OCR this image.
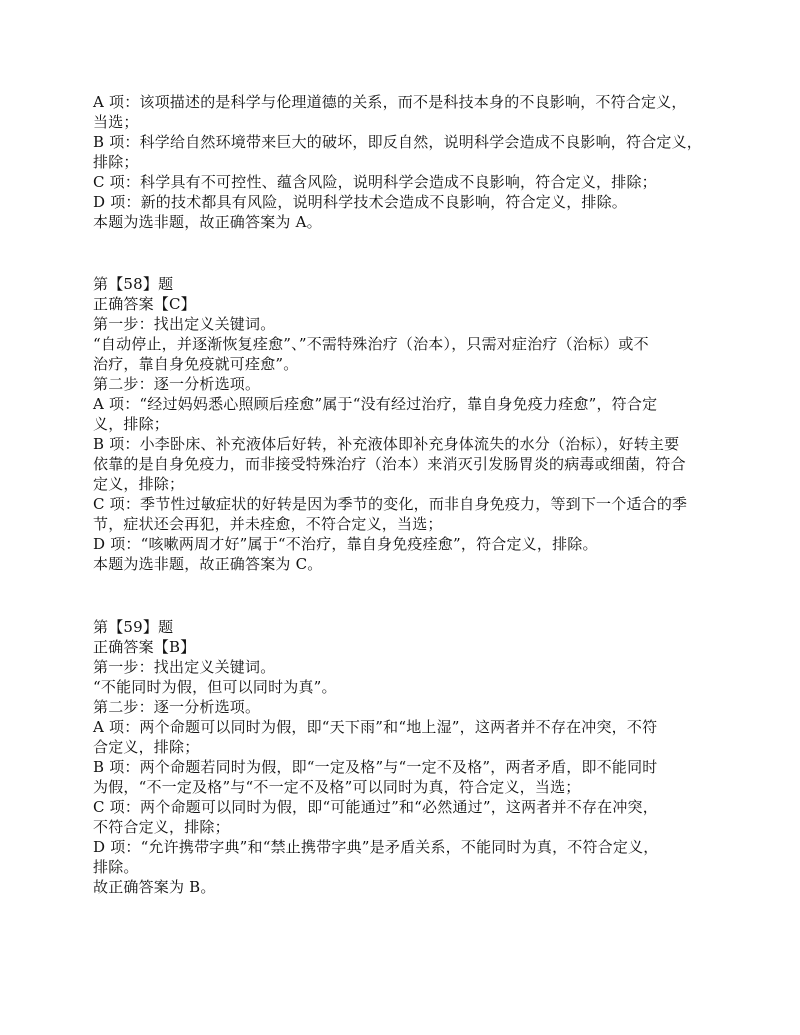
A 项：该项描述的是科学与伦理道德的关系，而不是科技本身的不良影响，不符合定义，
当选；
B 项：科学给自然环境带来巨大的破坏，即反自然，说明科学会造成不良影响，符合定义，
排除；
C 项：科学具有不可控性、蕴含风险，说明科学会造成不良影响，符合定义，排除；
D 项：新的技术都具有风险，说明科学技术会造成不良影响，符合定义，排除。
本题为选非题，故正确答案为 A。
第【58】题
正确答案【C】
第一步：找出定义关键词。
“自动停止，并逐渐恢复痊愈”、”不需特殊治疗（治本），只需对症治疗（治标）或不
治疗，靠自身免疫就可痊愈”。
第二步：逐一分析选项。
A 项：“经过妈妈悉心照顾后痊愈”属于“没有经过治疗，靠自身免疫力痊愈”，符合定
义，排除；
B 项：小李卧床、补充液体后好转，补充液体即补充身体流失的水分（治标），好转主要
依靠的是自身免疫力，而非接受特殊治疗（治本）来消灭引发肠胃炎的病毒或细菌，符合
定义，排除；
C 项：季节性过敏症状的好转是因为季节的变化，而非自身免疫力，等到下一个适合的季
节，症状还会再犯，并未痊愈，不符合定义，当选；
D 项：“咳嗽两周才好”属于“不治疗，靠自身免疫痊愈”，符合定义，排除。
本题为选非题，故正确答案为 C。
第【59】题
正确答案【B】
第一步：找出定义关键词。
“不能同时为假，但可以同时为真”。
第二步：逐一分析选项。
A 项：两个命题可以同时为假，即“天下雨”和“地上湿”，这两者并不存在冲突，不符
合定义，排除；
B 项：两个命题若同时为假，即“一定及格”与“一定不及格”，两者矛盾，即不能同时
为假，“不一定及格”与“不一定不及格”可以同时为真，符合定义，当选；
C 项：两个命题可以同时为假，即“可能通过”和“必然通过”，这两者并不存在冲突，
不符合定义，排除；
D 项：“允许携带字典”和“禁止携带字典”是矛盾关系，不能同时为真，不符合定义，
排除。
故正确答案为 B。
